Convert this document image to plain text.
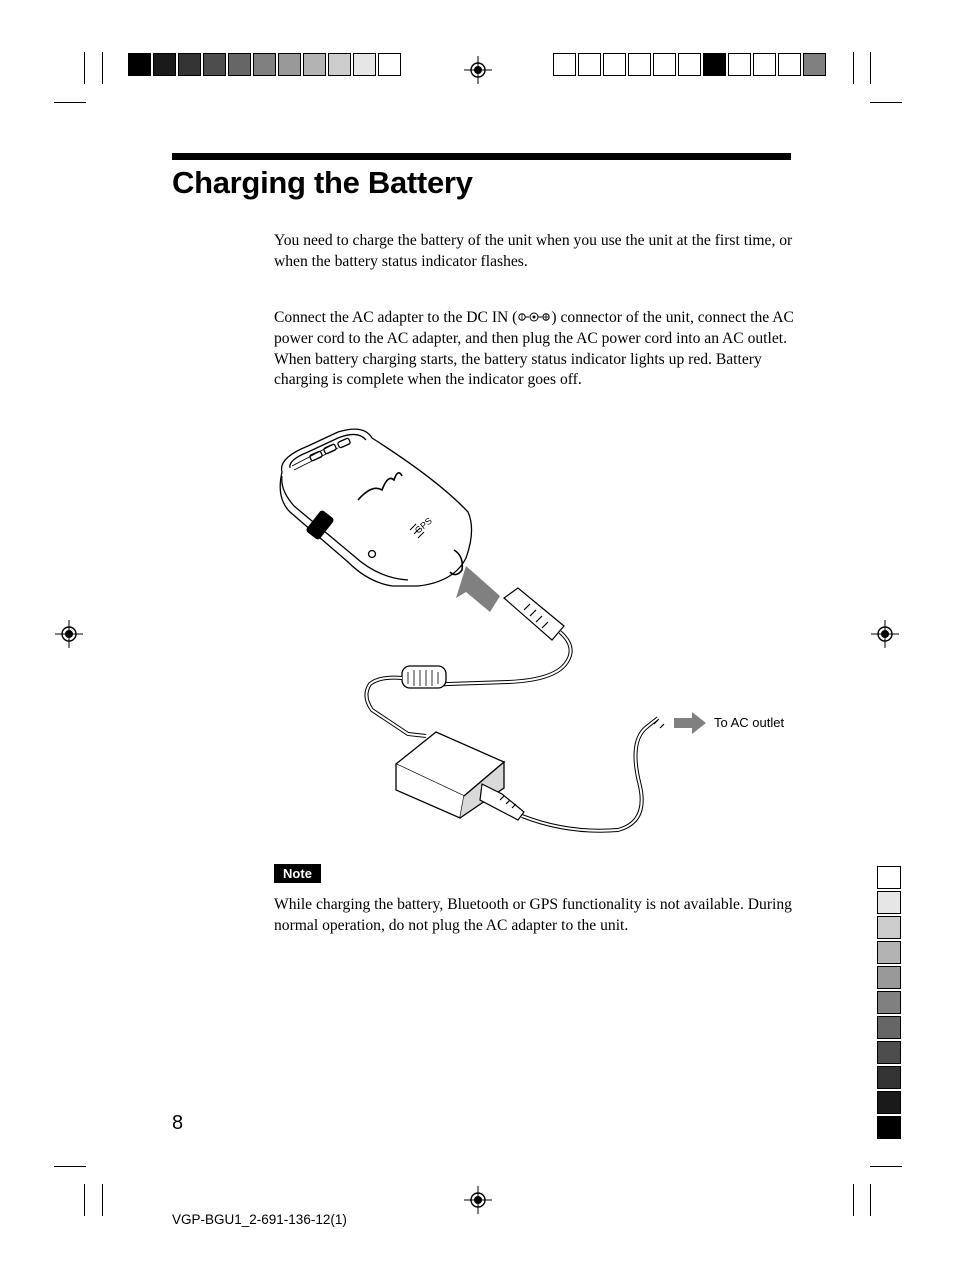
Charging the Battery

You need to charge the battery of the unit when you use the unit at the first time, or when the battery status indicator flashes.

Connect the AC adapter to the DC IN ( ) connector of the unit, connect the AC power cord to the AC adapter, and then plug the AC power cord into an AC outlet. When battery charging starts, the battery status indicator lights up red. Battery charging is complete when the indicator goes off.

GPS
To AC outlet
Note

While charging the battery, Bluetooth or GPS functionality is not available. During normal operation, do not plug the AC adapter to the unit.

8
VGP-BGU1_2-691-136-12(1)
